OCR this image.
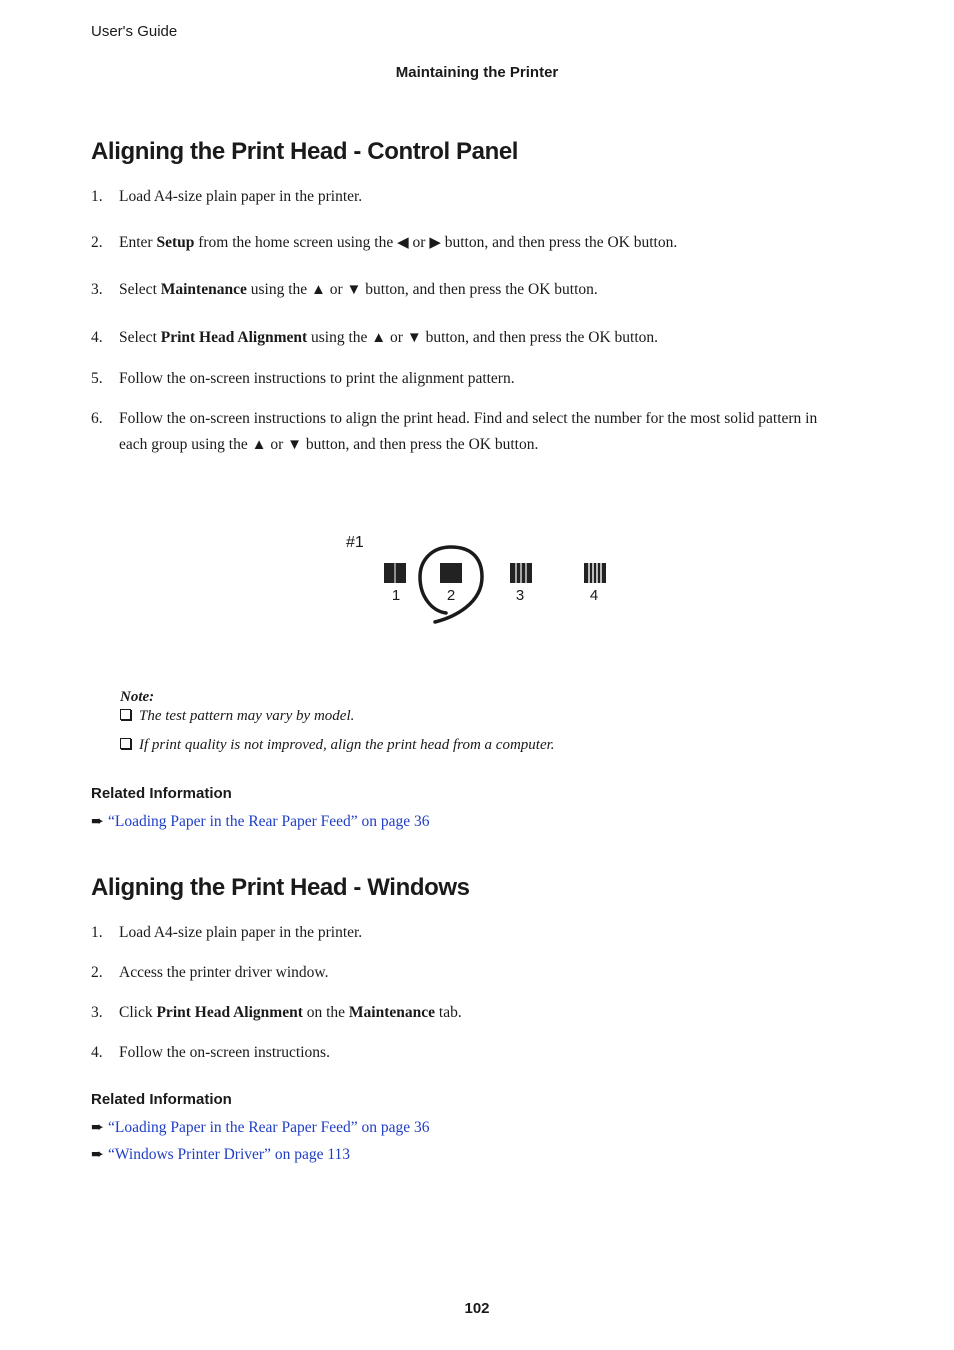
User's Guide
Maintaining the Printer
Aligning the Print Head - Control Panel
1. Load A4-size plain paper in the printer.
2. Enter Setup from the home screen using the ◀ or ▶ button, and then press the OK button.
3. Select Maintenance using the ▲ or ▼ button, and then press the OK button.
4. Select Print Head Alignment using the ▲ or ▼ button, and then press the OK button.
5. Follow the on-screen instructions to print the alignment pattern.
6. Follow the on-screen instructions to align the print head. Find and select the number for the most solid pattern in each group using the ▲ or ▼ button, and then press the OK button.
#1
1	2	3	4
Note:
The test pattern may vary by model.
If print quality is not improved, align the print head from a computer.
Related Information
➨ “Loading Paper in the Rear Paper Feed” on page 36
Aligning the Print Head - Windows
1. Load A4-size plain paper in the printer.
2. Access the printer driver window.
3. Click Print Head Alignment on the Maintenance tab.
4. Follow the on-screen instructions.
Related Information
➨ “Loading Paper in the Rear Paper Feed” on page 36
➨ “Windows Printer Driver” on page 113
102
